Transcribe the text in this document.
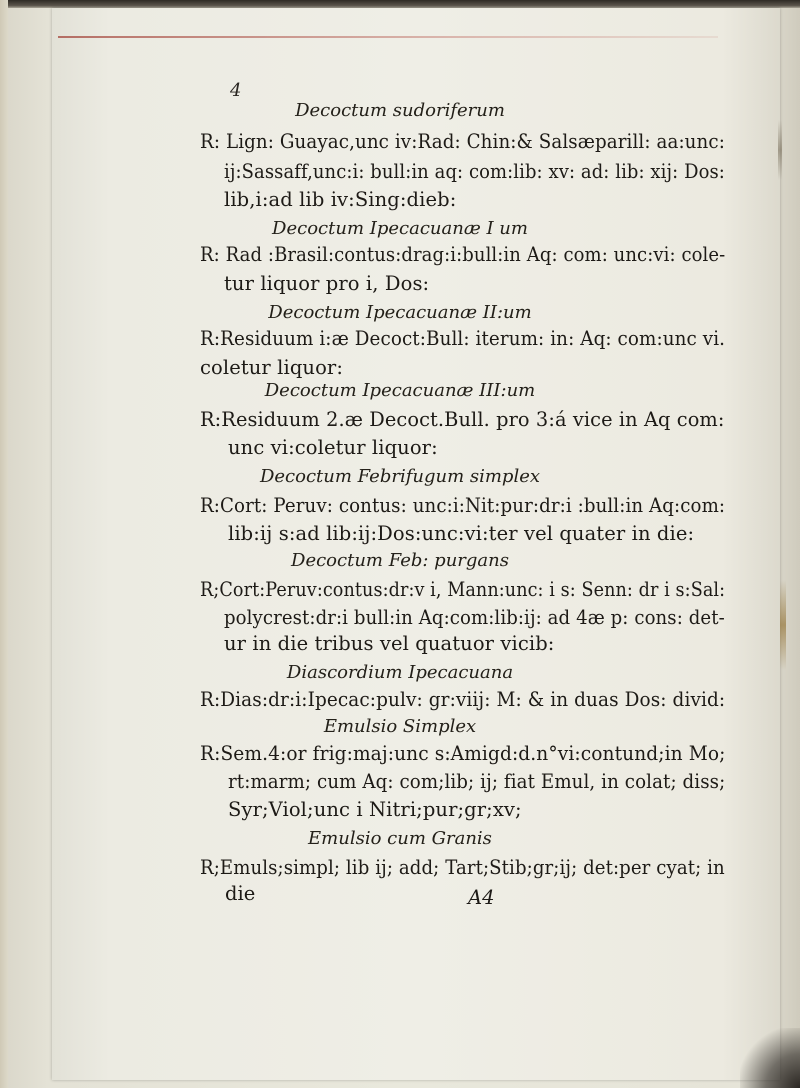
4
Decoctum sudoriferum
R: Lign: Guayac,unc iv:Rad: Chin:& Salsæparill: aa:unc:
ij:Sassaff,unc:i: bull:in aq: com:lib: xv: ad: lib: xij: Dos:
lib,i:ad lib iv:Sing:dieb:
Decoctum Ipecacuanæ I um
R: Rad :Brasil:contus:drag:i:bull:in Aq: com: unc:vi: cole-
tur liquor pro i, Dos:
Decoctum Ipecacuanæ II:um
R:Residuum i:æ Decoct:Bull: iterum: in: Aq: com:unc vi.
coletur liquor:
Decoctum Ipecacuanæ III:um
R:Residuum 2.æ Decoct.Bull. pro 3:á vice in Aq com:
unc vi:coletur liquor:
Decoctum Febrifugum simplex
R:Cort: Peruv: contus: unc:i:Nit:pur:dr:i :bull:in Aq:com:
lib:ij s:ad lib:ij:Dos:unc:vi:ter vel quater in die:
Decoctum Feb: purgans
R;Cort:Peruv:contus:dr:v i, Mann:unc: i s: Senn: dr i s:Sal:
polycrest:dr:i bull:in Aq:com:lib:ij: ad 4æ p: cons: det-
ur in die tribus vel quatuor vicib:
Diascordium Ipecacuana
R:Dias:dr:i:Ipecac:pulv: gr:viij: M: & in duas Dos: divid:
Emulsio Simplex
R:Sem.4:or frig:maj:unc s:Amigd:d.n°vi:contund;in Mo;
rt:marm; cum Aq: com;lib; ij; fiat Emul, in colat; diss;
Syr;Viol;unc i Nitri;pur;gr;xv;
Emulsio cum Granis
R;Emuls;simpl; lib ij; add; Tart;Stib;gr;ij; det:per cyat; in
die	A4
